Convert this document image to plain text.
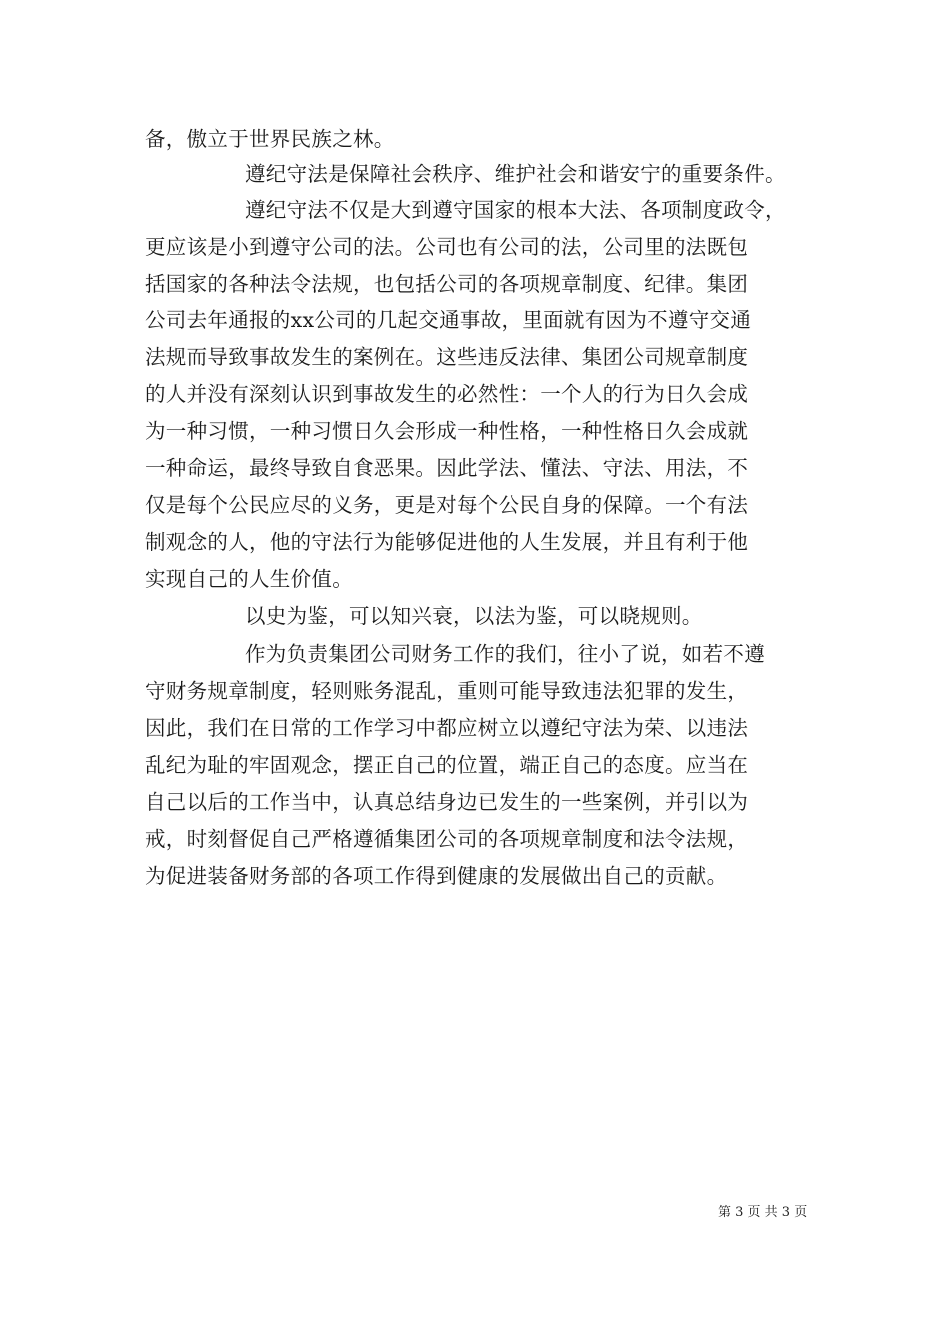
备，傲立于世界民族之林。
遵纪守法是保障社会秩序、维护社会和谐安宁的重要条件。
遵纪守法不仅是大到遵守国家的根本大法、各项制度政令，
更应该是小到遵守公司的法。公司也有公司的法，公司里的法既包
括国家的各种法令法规，也包括公司的各项规章制度、纪律。集团
公司去年通报的xx公司的几起交通事故，里面就有因为不遵守交通
法规而导致事故发生的案例在。这些违反法律、集团公司规章制度
的人并没有深刻认识到事故发生的必然性：一个人的行为日久会成
为一种习惯，一种习惯日久会形成一种性格，一种性格日久会成就
一种命运，最终导致自食恶果。因此学法、懂法、守法、用法，不
仅是每个公民应尽的义务，更是对每个公民自身的保障。一个有法
制观念的人，他的守法行为能够促进他的人生发展，并且有利于他
实现自己的人生价值。
以史为鉴，可以知兴衰，以法为鉴，可以晓规则。
作为负责集团公司财务工作的我们，往小了说，如若不遵
守财务规章制度，轻则账务混乱，重则可能导致违法犯罪的发生，
因此，我们在日常的工作学习中都应树立以遵纪守法为荣、以违法
乱纪为耻的牢固观念，摆正自己的位置，端正自己的态度。应当在
自己以后的工作当中，认真总结身边已发生的一些案例，并引以为
戒，时刻督促自己严格遵循集团公司的各项规章制度和法令法规，
为促进装备财务部的各项工作得到健康的发展做出自己的贡献。
第 3 页 共 3 页
